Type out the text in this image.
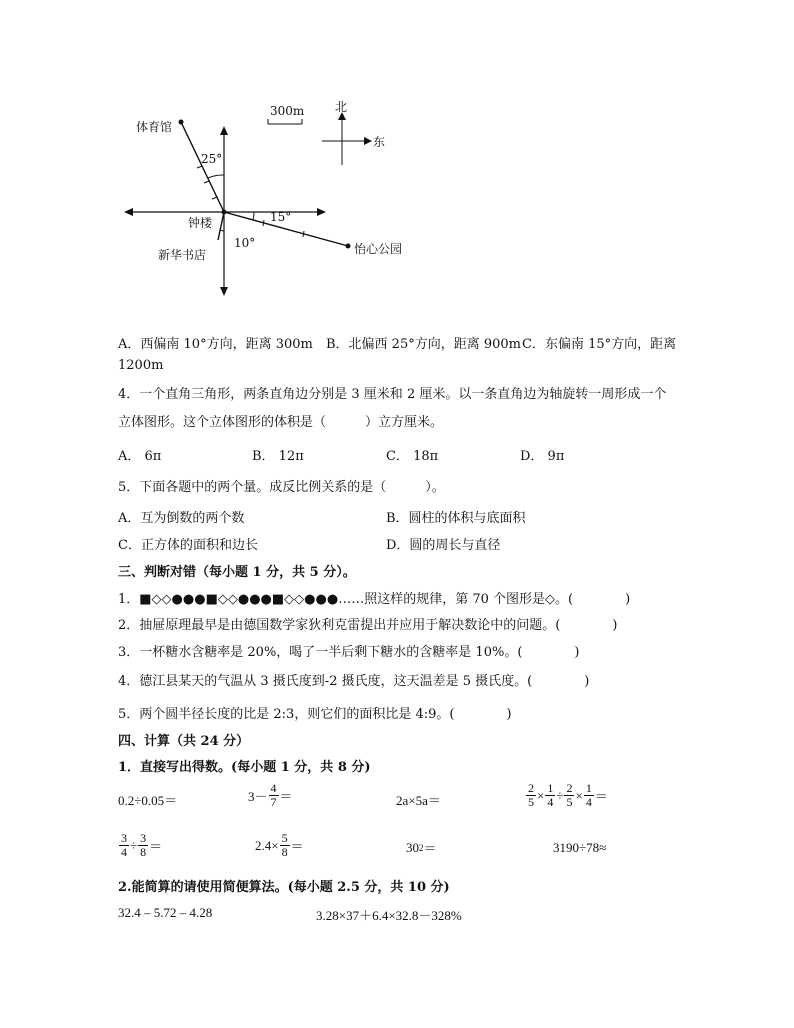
体育馆
北
东
300m
25°
15°
10°
钟楼
新华书店	怡心公园
A．西偏南 10°方向，距离 300m B．北偏西 25°方向，距离 900m C．东偏南 15°方向，距离
1200m
4．一个直角三角形，两条直角边分别是 3 厘米和 2 厘米。以一条直角边为轴旋转一周形成一个
立体图形。这个立体图形的体积是（　　　）立方厘米。
A． 6π	B． 12π	C． 18π	D． 9π
5．下面各题中的两个量。成反比例关系的是（　　　）。
A．互为倒数的两个数	B．圆柱的体积与底面积
C．正方体的面积和边长	D．圆的周长与直径
三、判断对错（每小题 1 分，共 5 分）。
1．■◇◇●●●■◇◇●●●■◇◇●●●……照这样的规律，第 70 个图形是◇。(　　　　)
2．抽屉原理最早是由德国数学家狄利克雷提出并应用于解决数论中的问题。(　　　　)
3．一杯糖水含糖率是 20%，喝了一半后剩下糖水的含糖率是 10%。(　　　　)
4．德江县某天的气温从 3 摄氏度到-2 摄氏度，这天温差是 5 摄氏度。(　　　　)
5．两个圆半径长度的比是 2:3，则它们的面积比是 4:9。(　　　　)
四、计算（共 24 分）
1．直接写出得数。(每小题 1 分，共 8 分)
0.2÷0.05＝	$3- \frac{4}{7}$ ＝	2a×5a＝	$\frac{2}{5} \times \frac{1}{4} \div \frac{2}{5} \times \frac{1}{4}$ ＝
$\frac{3}{4} \div \frac{3}{8}$ ＝	$2.4\times \frac{5}{8}$ ＝	30 2 ＝	3190÷78≈
2.能简算的请使用简便算法。(每小题 2.5 分，共 10 分)
32.4 – 5.72 – 4.28	3.28×37＋6.4×32.8－328%
